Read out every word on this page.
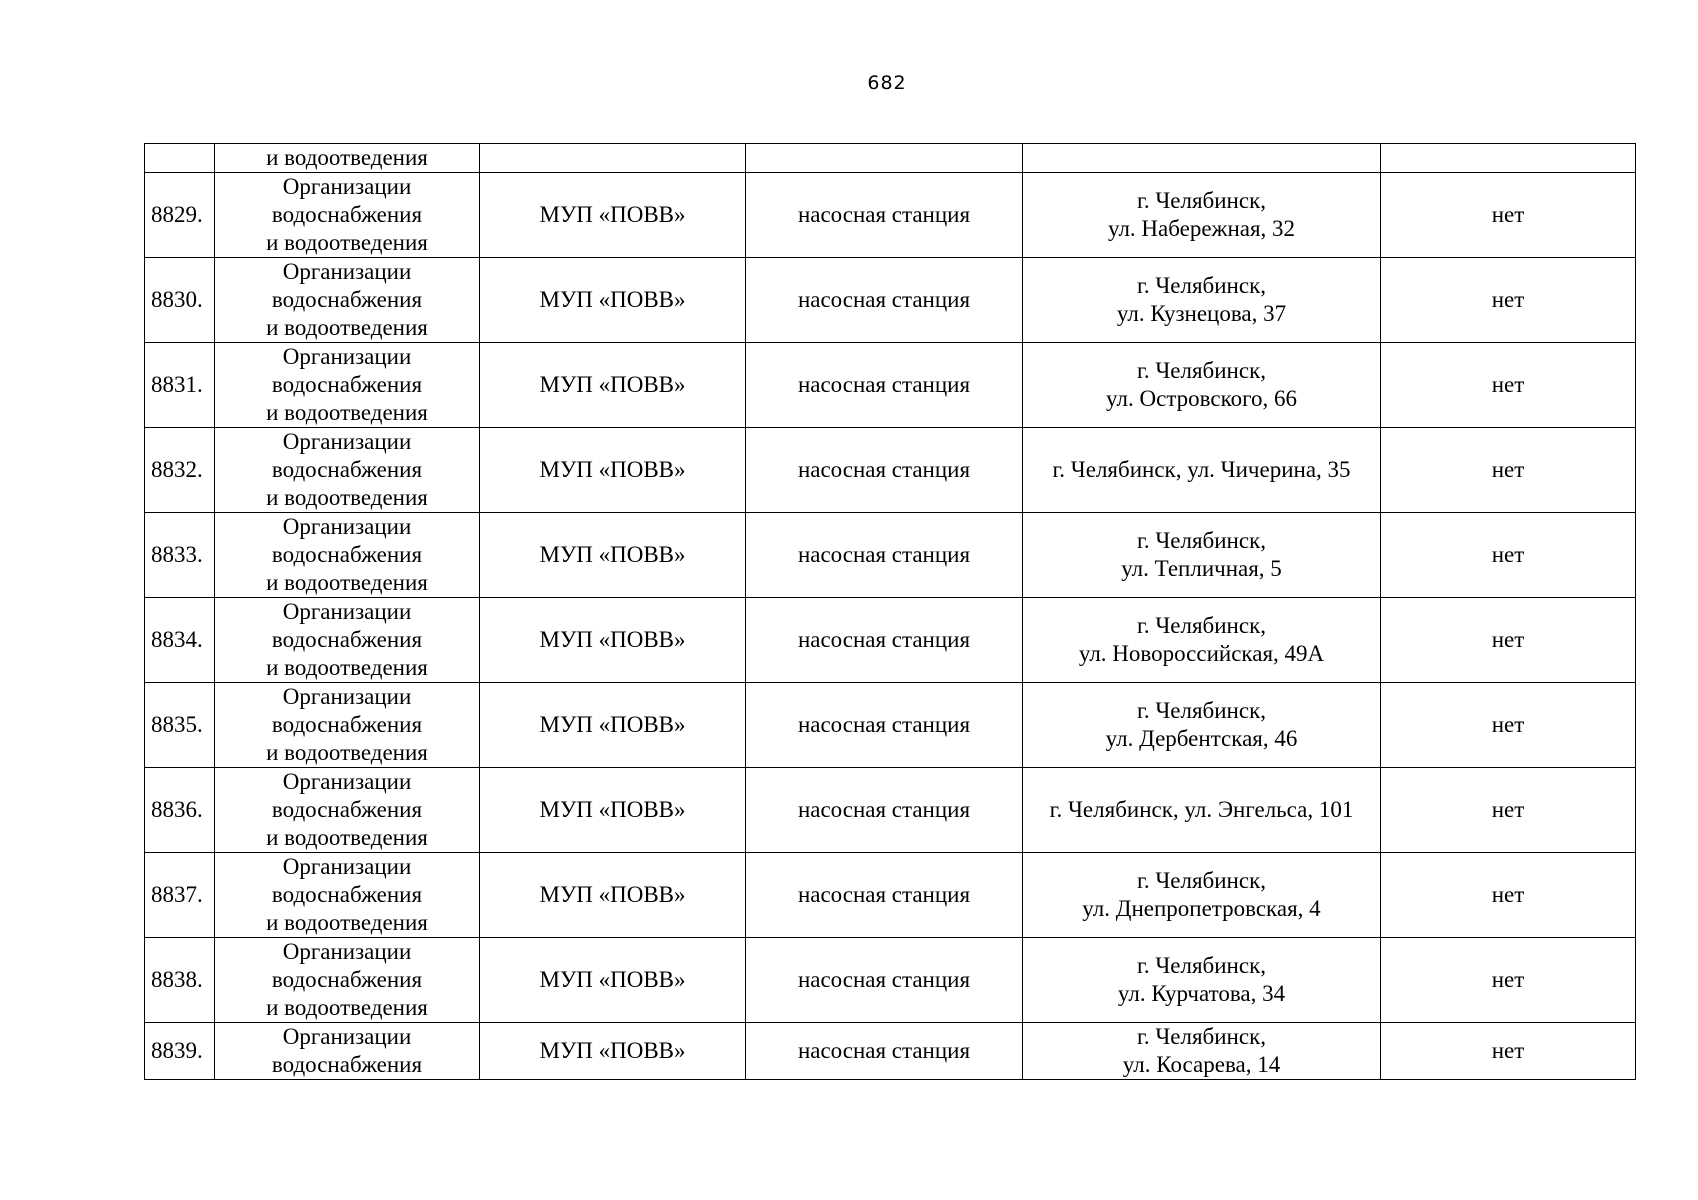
682

	и водоотведения				

8829.	Организации
водоснабжения
и водоотведения	МУП «ПОВВ»	насосная станция	г. Челябинск,
ул. Набережная, 32	нет
8830.	Организации
водоснабжения
и водоотведения	МУП «ПОВВ»	насосная станция	г. Челябинск,
ул. Кузнецова, 37	нет
8831.	Организации
водоснабжения
и водоотведения	МУП «ПОВВ»	насосная станция	г. Челябинск,
ул. Островского, 66	нет
8832.	Организации
водоснабжения
и водоотведения	МУП «ПОВВ»	насосная станция	г. Челябинск, ул. Чичерина, 35	нет
8833.	Организации
водоснабжения
и водоотведения	МУП «ПОВВ»	насосная станция	г. Челябинск,
ул. Тепличная, 5	нет
8834.	Организации
водоснабжения
и водоотведения	МУП «ПОВВ»	насосная станция	г. Челябинск,
ул. Новороссийская, 49А	нет
8835.	Организации
водоснабжения
и водоотведения	МУП «ПОВВ»	насосная станция	г. Челябинск,
ул. Дербентская, 46	нет
8836.	Организации
водоснабжения
и водоотведения	МУП «ПОВВ»	насосная станция	г. Челябинск, ул. Энгельса, 101	нет
8837.	Организации
водоснабжения
и водоотведения	МУП «ПОВВ»	насосная станция	г. Челябинск,
ул. Днепропетровская, 4	нет
8838.	Организации
водоснабжения
и водоотведения	МУП «ПОВВ»	насосная станция	г. Челябинск,
ул. Курчатова, 34	нет
8839.	Организации
водоснабжения	МУП «ПОВВ»	насосная станция	г. Челябинск,
ул. Косарева, 14	нет
